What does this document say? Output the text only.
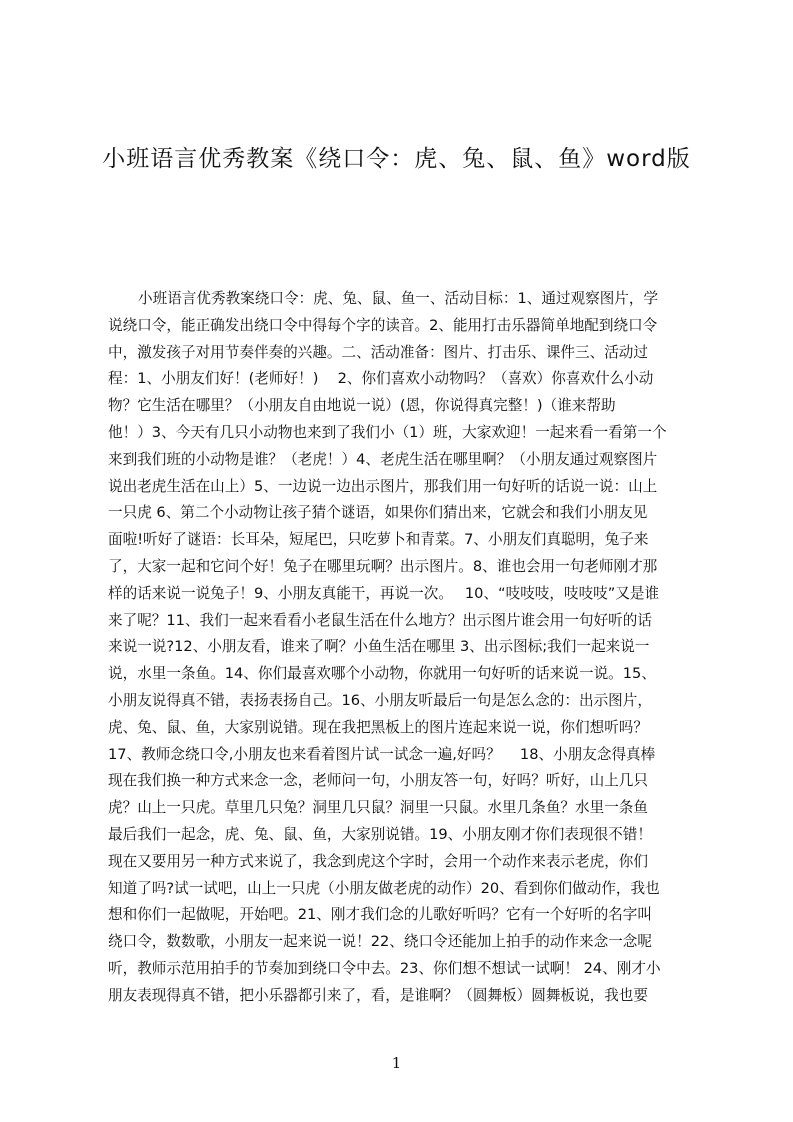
小班语言优秀教案《绕口令：虎、兔、鼠、鱼》word版
小班语言优秀教案绕口令：虎、兔、鼠、鱼一、活动目标：1、通过观察图片，学
说绕口令，能正确发出绕口令中得每个字的读音。2、能用打击乐器简单地配到绕口令
中，激发孩子对用节奏伴奏的兴趣。二、活动准备：图片、打击乐、课件三、活动过
程：1、小朋友们好！(老师好！)　 2、你们喜欢小动物吗？（喜欢）你喜欢什么小动
物？它生活在哪里？（小朋友自由地说一说）(恩，你说得真完整！)（谁来帮助
他！）3、今天有几只小动物也来到了我们小（1）班，大家欢迎！一起来看一看第一个
来到我们班的小动物是谁？（老虎！）4、老虎生活在哪里啊？（小朋友通过观察图片
说出老虎生活在山上）5、一边说一边出示图片，那我们用一句好听的话说一说：山上
一只虎 6、第二个小动物让孩子猜个谜语，如果你们猜出来，它就会和我们小朋友见
面啦!听好了谜语：长耳朵，短尾巴，只吃萝卜和青菜。7、小朋友们真聪明，兔子来
了，大家一起和它问个好！兔子在哪里玩啊？出示图片。8、谁也会用一句老师刚才那
样的话来说一说兔子！9、小朋友真能干，再说一次。　 10、“吱吱吱，吱吱吱”又是谁
来了呢？11、我们一起来看看小老鼠生活在什么地方？出示图片谁会用一句好听的话
来说一说?12、小朋友看，谁来了啊？小鱼生活在哪里 3、出示图标;我们一起来说一
说，水里一条鱼。14、你们最喜欢哪个小动物，你就用一句好听的话来说一说。15、
小朋友说得真不错，表扬表扬自己。16、小朋友听最后一句是怎么念的：出示图片，
虎、兔、鼠、鱼，大家别说错。现在我把黑板上的图片连起来说一说，你们想听吗？
17、教师念绕口令,小朋友也来看着图片试一试念一遍,好吗？　 18、小朋友念得真棒
现在我们换一种方式来念一念，老师问一句，小朋友答一句，好吗？听好，山上几只
虎？山上一只虎。草里几只兔？洞里几只鼠？洞里一只鼠。水里几条鱼？水里一条鱼
最后我们一起念，虎、兔、鼠、鱼，大家别说错。19、小朋友刚才你们表现很不错！
现在又要用另一种方式来说了，我念到虎这个字时，会用一个动作来表示老虎，你们
知道了吗?试一试吧，山上一只虎（小朋友做老虎的动作）20、看到你们做动作，我也
想和你们一起做呢，开始吧。21、刚才我们念的儿歌好听吗？它有一个好听的名字叫
绕口令，数数歌，小朋友一起来说一说！22、绕口令还能加上拍手的动作来念一念呢
听，教师示范用拍手的节奏加到绕口令中去。23、你们想不想试一试啊！ 24、刚才小
朋友表现得真不错，把小乐器都引来了，看，是谁啊？（圆舞板）圆舞板说，我也要
1
